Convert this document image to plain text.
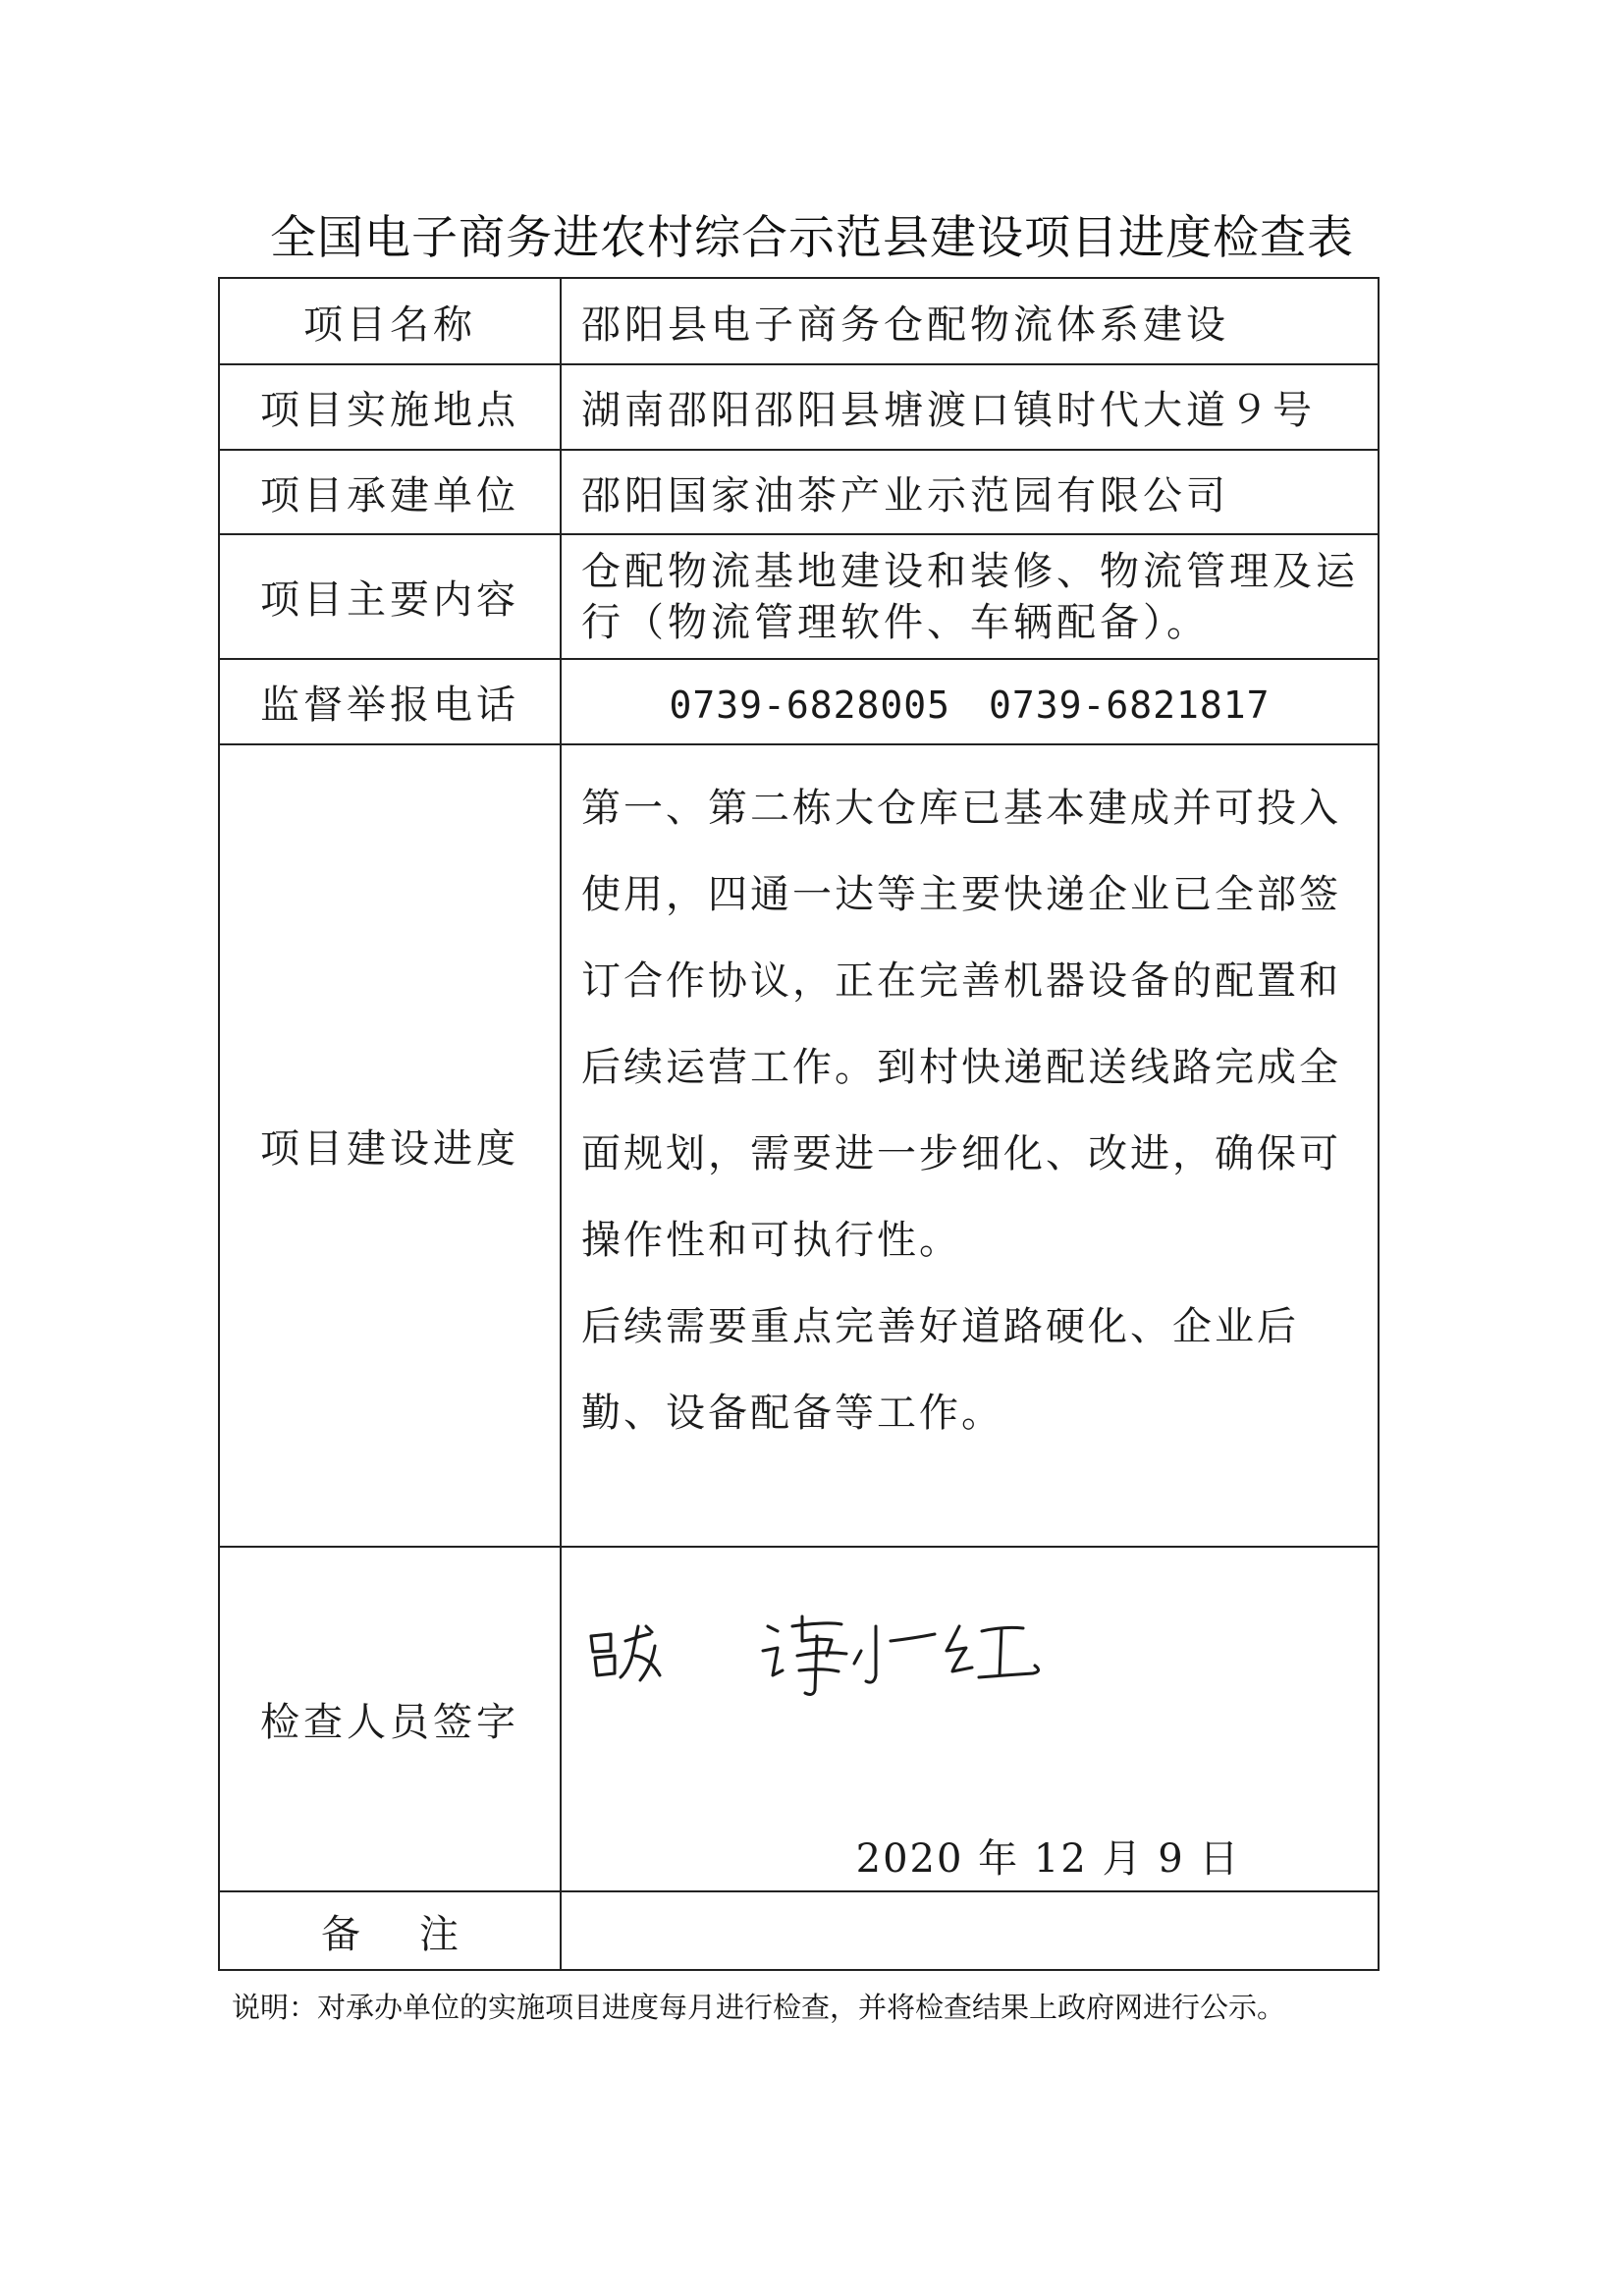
全国电子商务进农村综合示范县建设项目进度检查表
项目名称	邵阳县电子商务仓配物流体系建设
项目实施地点	湖南邵阳邵阳县塘渡口镇时代大道９号
项目承建单位	邵阳国家油茶产业示范园有限公司
项目主要内容	仓配物流基地建设和装修、物流管理及运行（物流管理软件、车辆配备）。
监督举报电话	0739-6828005　0739-6821817
项目建设进度	第一、第二栋大仓库已基本建成并可投入使用，四通一达等主要快递企业已全部签订合作协议，正在完善机器设备的配置和后续运营工作。到村快递配送线路完成全面规划，需要进一步细化、改进，确保可操作性和可执行性。

后续需要重点完善好道路硬化、企业后勤、设备配备等工作。

检查人员签字	2020 年 12 月 9 日

备注	
说明：对承办单位的实施项目进度每月进行检查，并将检查结果上政府网进行公示。
